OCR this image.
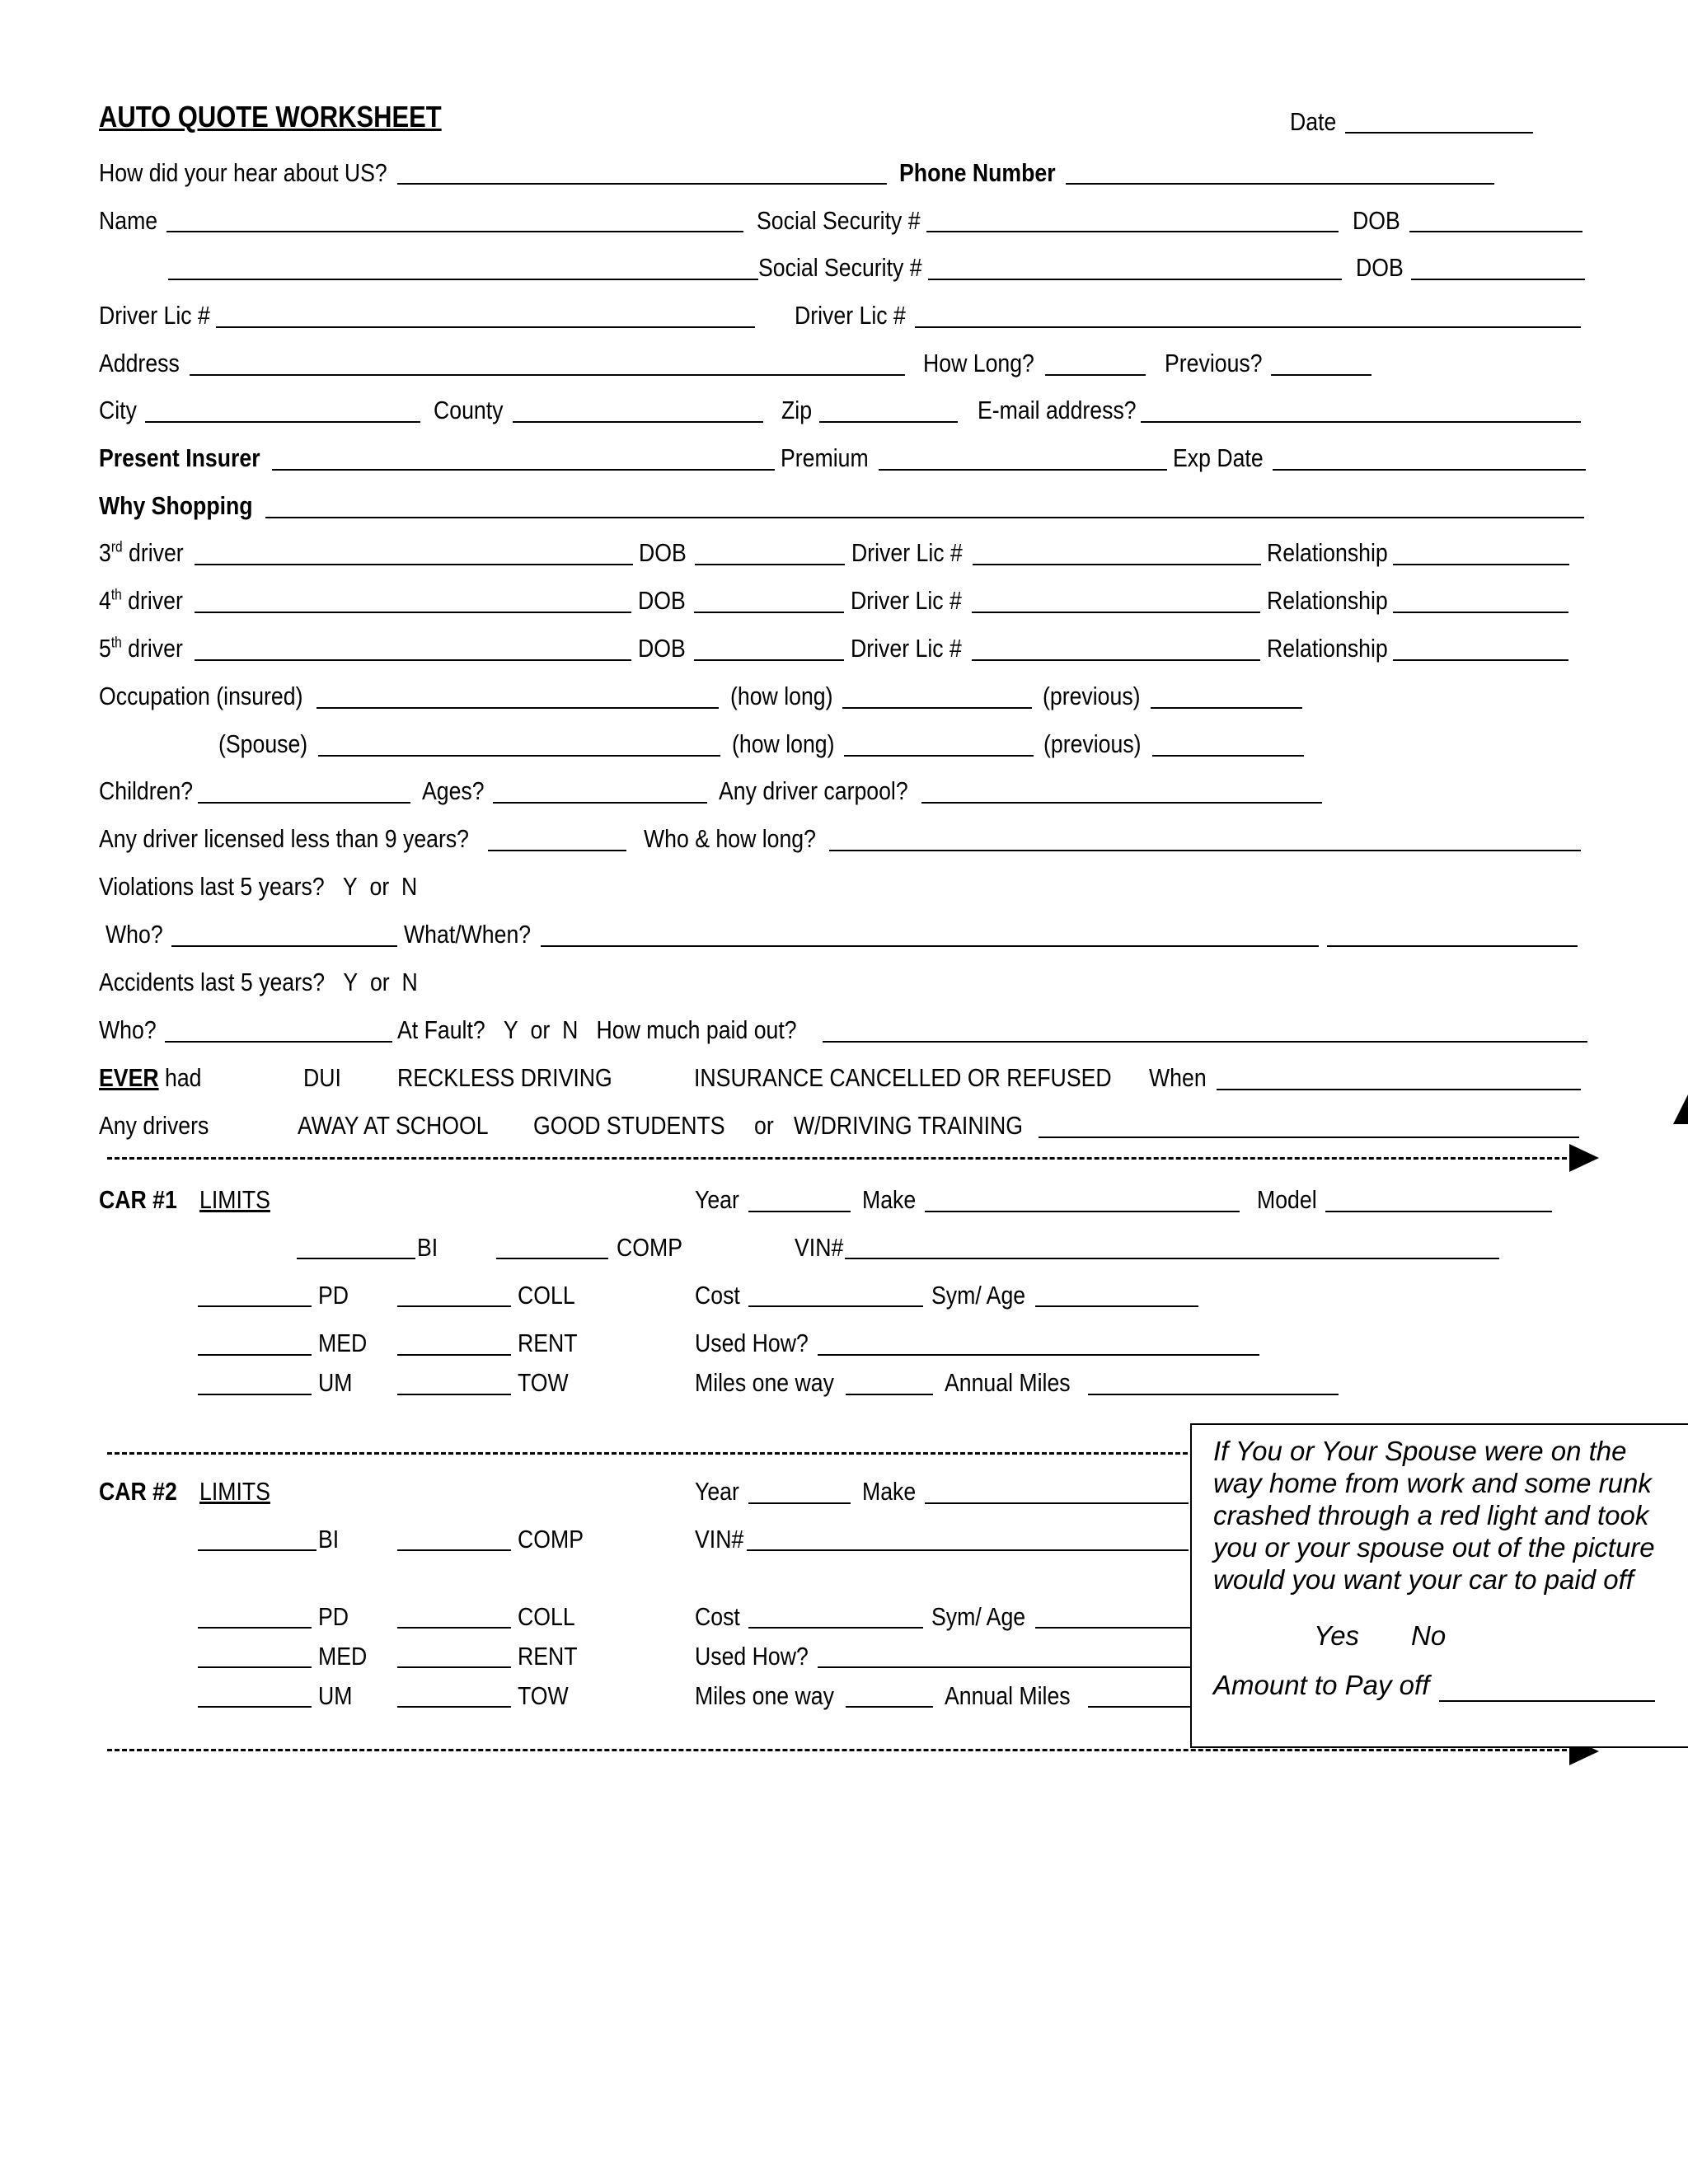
AUTO QUOTE WORKSHEET	Date
How did your hear about US?	Phone Number
Name	Social Security #	DOB
Social Security #	DOB
Driver Lic #	Driver Lic #
Address	How Long?	Previous?
City	County	Zip	E-mail address?
Present Insurer	Premium	Exp Date
Why Shopping
3rd driver	DOB	Driver Lic #	Relationship
4th driver	DOB	Driver Lic #	Relationship
5th driver	DOB	Driver Lic #	Relationship
Occupation (insured)	(how long)	(previous)
(Spouse)	(how long)	(previous)
Children?	Ages?	Any driver carpool?
Any driver licensed less than 9 years?	Who & how long?
Violations last 5 years? Y or N
Who?	What/When?
Accidents last 5 years? Y or N
Who?	At Fault? Y or N How much paid out?
EVER had	DUI RECKLESS DRIVING	INSURANCE CANCELLED OR REFUSED When
Any drivers	AWAY AT SCHOOL GOOD STUDENTS or W/DRIVING TRAINING
CAR #1 LIMITS	Year	Make	Model
BI	COMP	VIN#
PD	COLL	Cost	Sym/ Age
MED	RENT	Used How?
UM	TOW	Miles one way	Annual Miles
CAR #2 LIMITS	Year	Make
BI	COMP	VIN#
PD	COLL	Cost	Sym/ Age
MED	RENT	Used How?
UM	TOW	Miles one way	Annual Miles
If You or Your Spouse were on the
way home from work and some runk
crashed through a red light and took
you or your spouse out of the picture
would you want your car to paid off
Yes No
Amount to Pay off
